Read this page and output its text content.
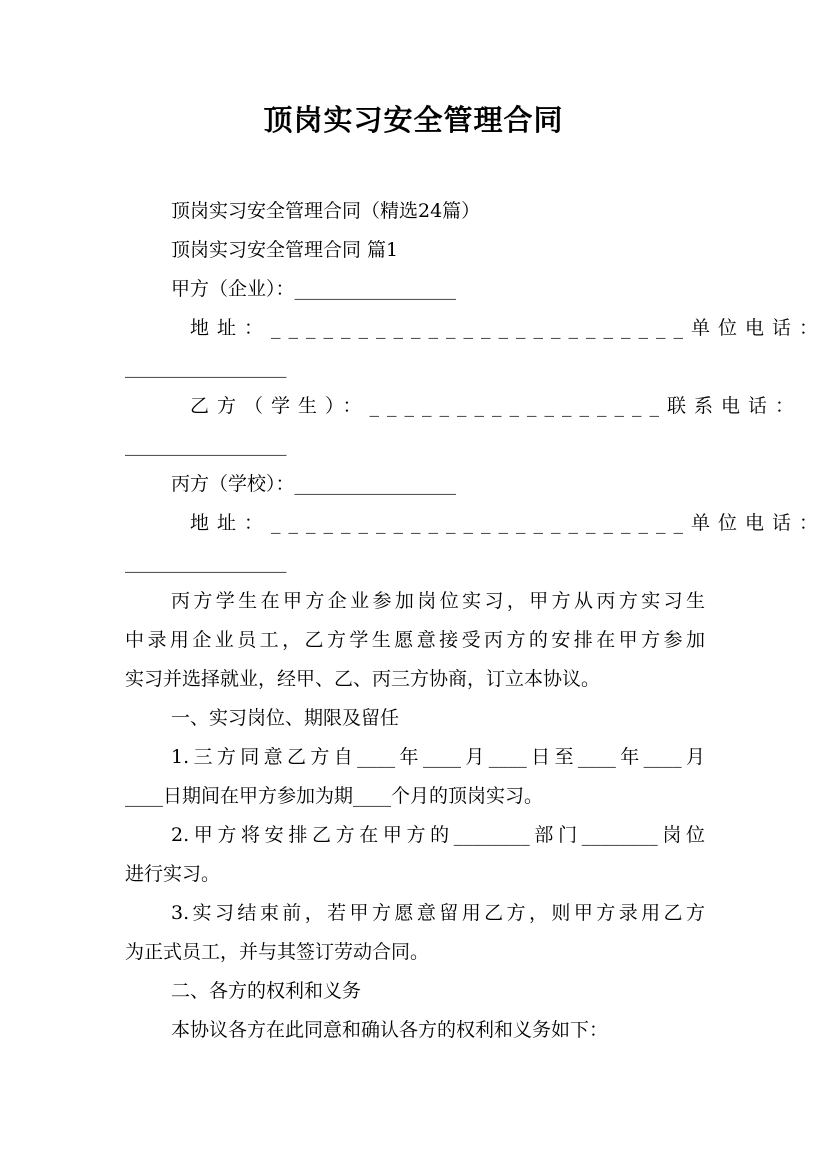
顶岗实习安全管理合同
顶岗实习安全管理合同（精选24篇）
顶岗实习安全管理合同 篇1
甲方（企业）：_________________
地址：________________________单位电话：
_________________
乙方（学生）：_________________联系电话：
_________________
丙方（学校）：_________________
地址：________________________单位电话：
_________________
丙方学生在甲方企业参加岗位实习，甲方从丙方实习生
中录用企业员工，乙方学生愿意接受丙方的安排在甲方参加
实习并选择就业，经甲、乙、丙三方协商，订立本协议。
一、实习岗位、期限及留任
1.三方同意乙方自____年____月____日至____年____月
____日期间在甲方参加为期____个月的顶岗实习。
2.甲方将安排乙方在甲方的________部门________岗位
进行实习。
3.实习结束前，若甲方愿意留用乙方，则甲方录用乙方
为正式员工，并与其签订劳动合同。
二、各方的权利和义务
本协议各方在此同意和确认各方的权利和义务如下：
